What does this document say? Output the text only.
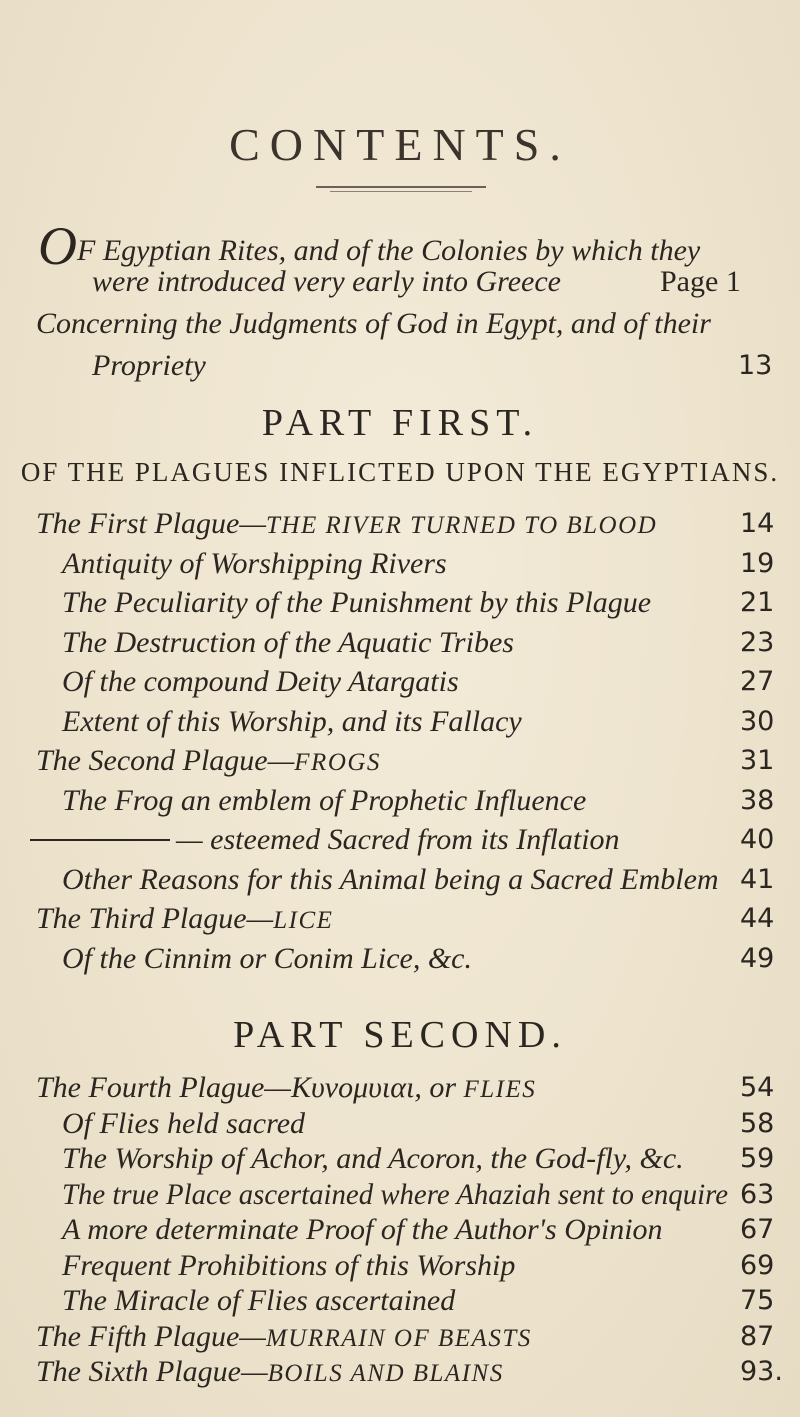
CONTENTS.
OF Egyptian Rites, and of the Colonies by which they
were introduced very early into Greece	Page 1
Concerning the Judgments of God in Egypt, and of their
Propriety	13
PART FIRST.
OF THE PLAGUES INFLICTED UPON THE EGYPTIANS.
The First Plague—THE RIVER TURNED TO BLOOD	14
Antiquity of Worshipping Rivers	19
The Peculiarity of the Punishment by this Plague	21
The Destruction of the Aquatic Tribes	23
Of the compound Deity Atargatis	27
Extent of this Worship, and its Fallacy	30
The Second Plague—FROGS	31
The Frog an emblem of Prophetic Influence	38
— esteemed Sacred from its Inflation	40
Other Reasons for this Animal being a Sacred Emblem 41
The Third Plague—LICE	44
Of the Cinnim or Conim Lice, &c.	49
PART SECOND.
The Fourth Plague—Κυνομυιαι, or FLIES	54
Of Flies held sacred	58
The Worship of Achor, and Acoron, the God-fly, &c. 59
The true Place ascertained where Ahaziah sent to enquire 63
A more determinate Proof of the Author's Opinion	67
Frequent Prohibitions of this Worship	69
The Miracle of Flies ascertained	75
The Fifth Plague—MURRAIN OF BEASTS	87
The Sixth Plague—BOILS AND BLAINS	93.
